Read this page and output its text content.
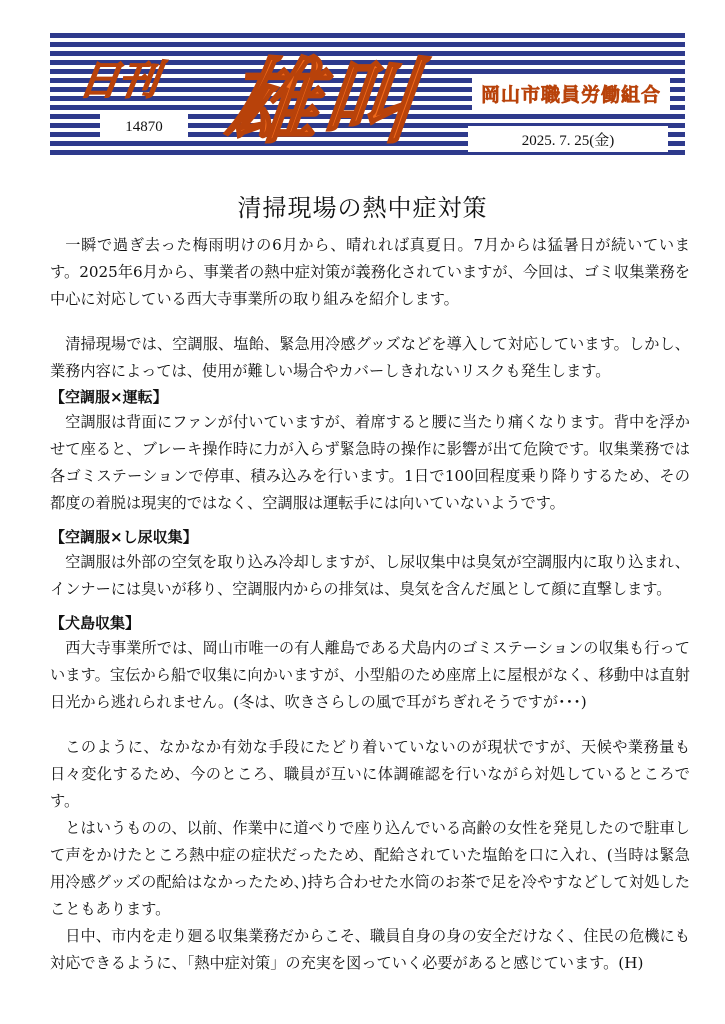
日刊 雄叫
14870
岡山市職員労働組合
2025. 7. 25(金)
清掃現場の熱中症対策

一瞬で過ぎ去った梅雨明けの6月から、晴れれば真夏日。7月からは猛暑日が続いています。2025年6月から、事業者の熱中症対策が義務化されていますが、今回は、ゴミ収集業務を中心に対応している西大寺事業所の取り組みを紹介します。

清掃現場では、空調服、塩飴、緊急用冷感グッズなどを導入して対応しています。しかし、業務内容によっては、使用が難しい場合やカバーしきれないリスクも発生します。

【空調服×運転】

空調服は背面にファンが付いていますが、着席すると腰に当たり痛くなります。背中を浮かせて座ると、ブレーキ操作時に力が入らず緊急時の操作に影響が出て危険です。収集業務では各ゴミステーションで停車、積み込みを行います。1日で100回程度乗り降りするため、その都度の着脱は現実的ではなく、空調服は運転手には向いていないようです。

【空調服×し尿収集】

空調服は外部の空気を取り込み冷却しますが、し尿収集中は臭気が空調服内に取り込まれ、インナーには臭いが移り、空調服内からの排気は、臭気を含んだ風として顔に直撃します。

【犬島収集】

西大寺事業所では、岡山市唯一の有人離島である犬島内のゴミステーションの収集も行っています。宝伝から船で収集に向かいますが、小型船のため座席上に屋根がなく、移動中は直射日光から逃れられません。(冬は、吹きさらしの風で耳がちぎれそうですが･･･)

このように、なかなか有効な手段にたどり着いていないのが現状ですが、天候や業務量も日々変化するため、今のところ、職員が互いに体調確認を行いながら対処しているところです。

とはいうものの、以前、作業中に道べりで座り込んでいる高齢の女性を発見したので駐車して声をかけたところ熱中症の症状だったため、配給されていた塩飴を口に入れ、(当時は緊急用冷感グッズの配給はなかったため、)持ち合わせた水筒のお茶で足を冷やすなどして対処したこともあります。

日中、市内を走り廻る収集業務だからこそ、職員自身の身の安全だけなく、住民の危機にも対応できるように、「熱中症対策」の充実を図っていく必要があると感じています。(H)
